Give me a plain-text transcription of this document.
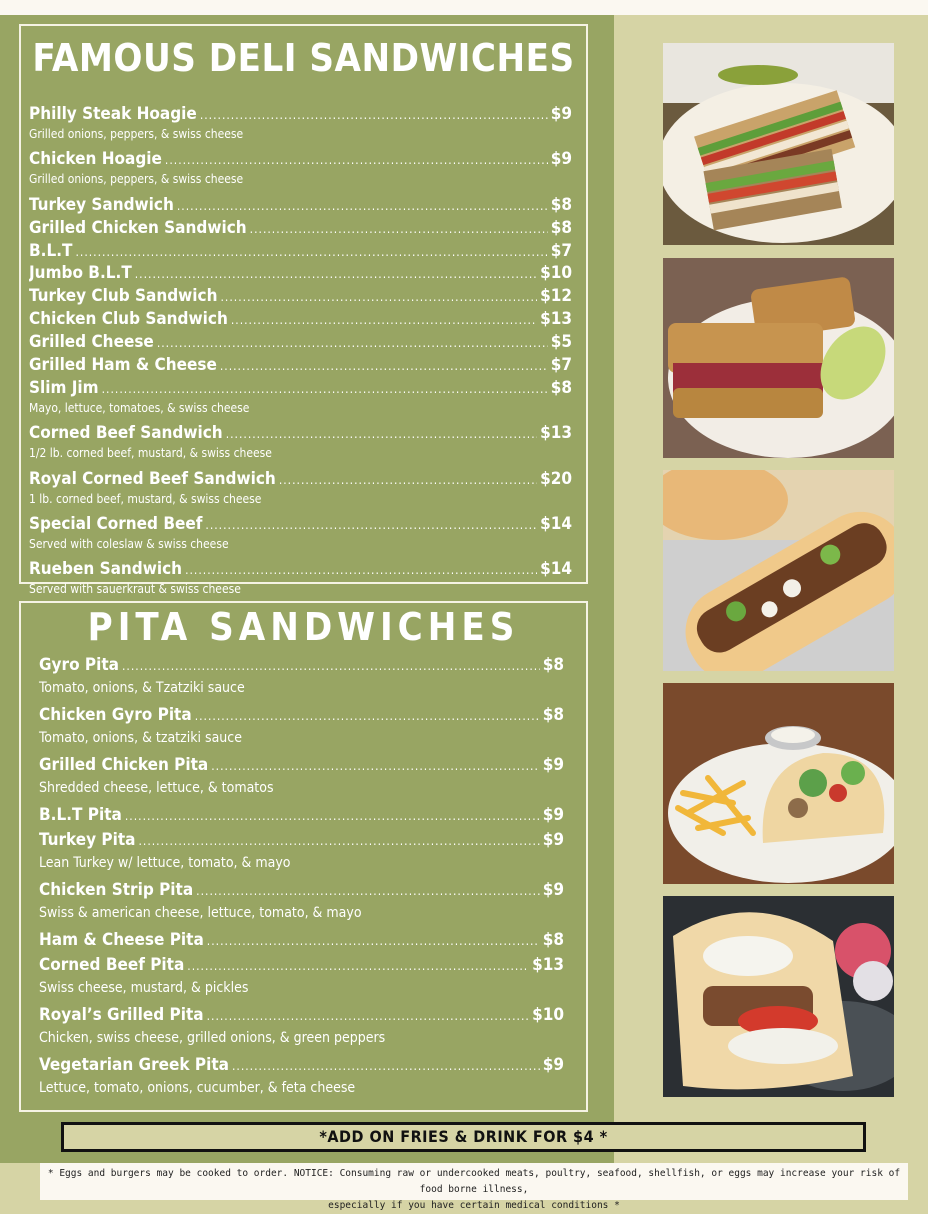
FAMOUS DELI SANDWICHES
Philly Steak Hoagie .....	$9
Grilled onions, peppers, & swiss cheese
Chicken Hoagie .....	$9
Grilled onions, peppers, & swiss cheese
Turkey Sandwich .....	$8
Grilled Chicken Sandwich .....	$8
B.L.T .....	$7
Jumbo B.L.T .....	$10
Turkey Club Sandwich .....	$12
Chicken Club Sandwich .....	$13
Grilled Cheese .....	$5
Grilled Ham & Cheese .....	$7
Slim Jim .....	$8
Mayo, lettuce, tomatoes, & swiss cheese
Corned Beef Sandwich .....	$13
1/2 lb. corned beef, mustard, & swiss cheese
Royal Corned Beef Sandwich .....	$20
1 lb. corned beef, mustard, & swiss cheese
Special Corned Beef .....	$14
Served with coleslaw & swiss cheese
Rueben Sandwich .....	$14
Served with sauerkraut & swiss cheese
PITA SANDWICHES
Gyro Pita .....	$8
Tomato, onions, & Tzatziki sauce
Chicken Gyro Pita .....	$8
Tomato, onions, & tzatziki sauce
Grilled Chicken Pita .....	$9
Shredded cheese, lettuce, & tomatos
B.L.T Pita .....	$9
Turkey Pita .....	$9
Lean Turkey w/ lettuce, tomato, & mayo
Chicken Strip Pita .....	$9
Swiss & american cheese, lettuce, tomato, & mayo
Ham & Cheese Pita .....	$8
Corned Beef Pita .....	$13
Swiss cheese, mustard, & pickles
Royal’s Grilled Pita .....	$10
Chicken, swiss cheese, grilled onions, & green peppers
Vegetarian Greek Pita .....	$9
Lettuce, tomato, onions, cucumber, & feta cheese
*ADD ON FRIES & DRINK FOR $4 *
* Eggs and burgers may be cooked to order. NOTICE: Consuming raw or undercooked meats, poultry, seafood, shellfish, or eggs may increase your risk of food borne illness,
especially if you have certain medical conditions *
